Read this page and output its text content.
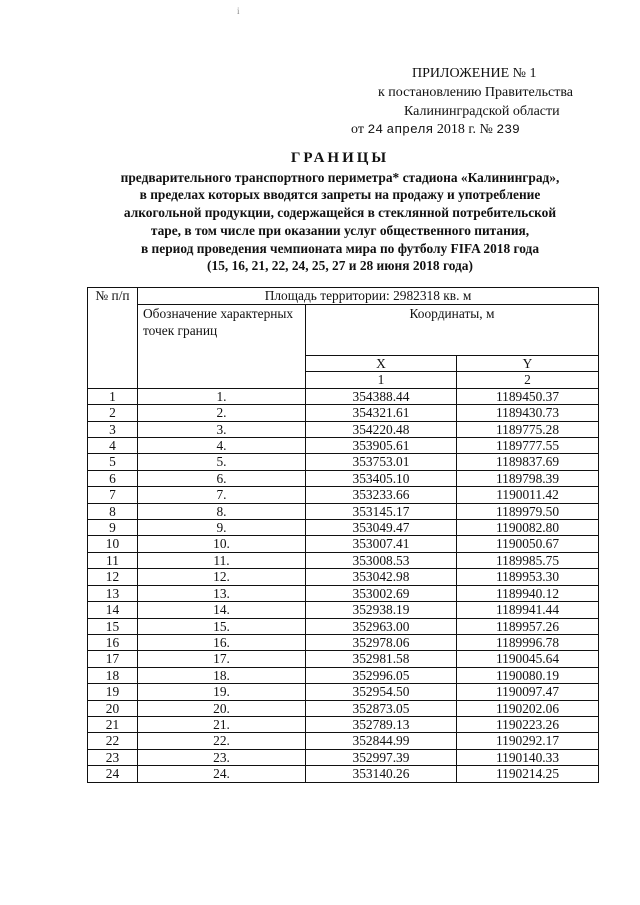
i
ПРИЛОЖЕНИЕ № 1
к постановлению Правительства
Калининградской области
от 24 апреля 2018 г. № 239
ГРАНИЦЫ
предварительного транспортного периметра* стадиона «Калининград»,
в пределах которых вводятся запреты на продажу и употребление
алкогольной продукции, содержащейся в стеклянной потребительской
таре, в том числе при оказании услуг общественного питания,
в период проведения чемпионата мира по футболу FIFA 2018 года
(15, 16, 21, 22, 24, 25, 27 и 28 июня 2018 года)
№ п/п	Площадь территории: 2982318 кв. м			
	Обозначение характерных точек границ	Координаты, м		
		X	Y	
		1	2		
1	1.	354388.44	1189450.37	
2	2.	354321.61	1189430.73	
3	3.	354220.48	1189775.28	
4	4.	353905.61	1189777.55	
5	5.	353753.01	1189837.69	
6	6.	353405.10	1189798.39	
7	7.	353233.66	1190011.42	
8	8.	353145.17	1189979.50	
9	9.	353049.47	1190082.80	
10	10.	353007.41	1190050.67	
11	11.	353008.53	1189985.75	
12	12.	353042.98	1189953.30	
13	13.	353002.69	1189940.12	
14	14.	352938.19	1189941.44	
15	15.	352963.00	1189957.26	
16	16.	352978.06	1189996.78	
17	17.	352981.58	1190045.64	
18	18.	352996.05	1190080.19	
19	19.	352954.50	1190097.47	
20	20.	352873.05	1190202.06	
21	21.	352789.13	1190223.26	
22	22.	352844.99	1190292.17	
23	23.	352997.39	1190140.33	
24	24.	353140.26	1190214.25	
